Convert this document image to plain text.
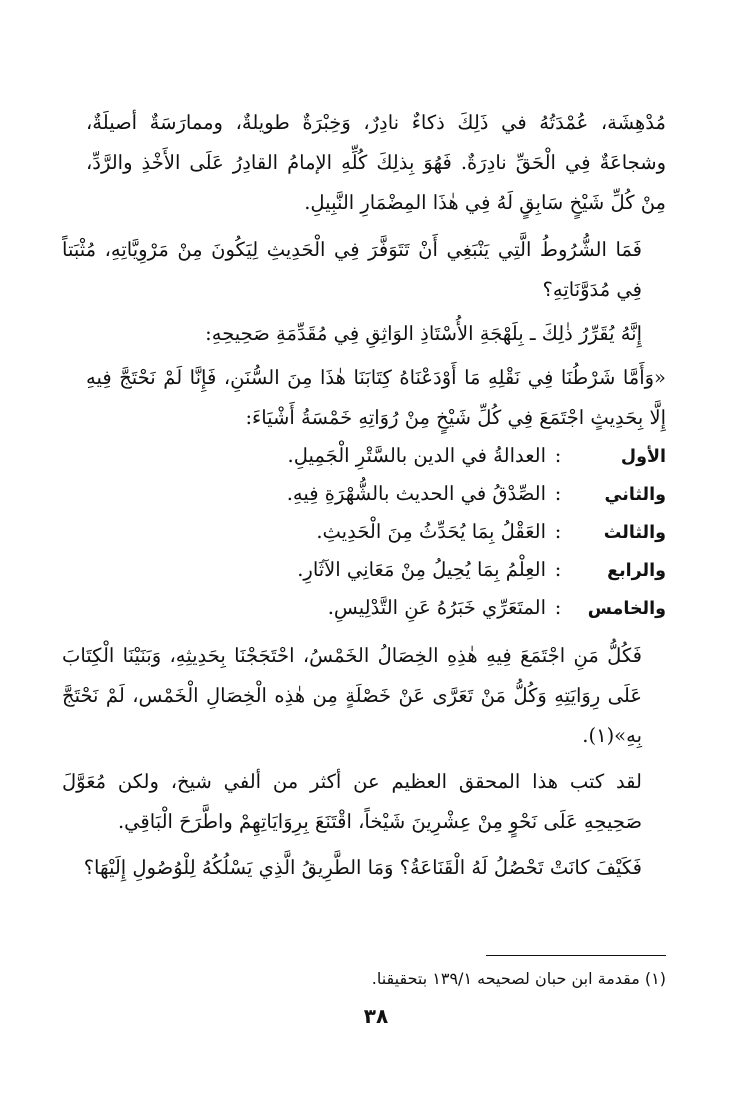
مُدْهِشَة، عُمْدَتُهُ في ذَلِكَ ذكاءٌ نادِرٌ، وَخِبْرَةٌ طويلةٌ، وممارَسَةٌ أصيلَةٌ، وشجاعَةٌ فِي الْحَقِّ نادِرَةٌ. فَهُوَ بِذلِكَ كُلِّهِ الإمامُ القادِرُ عَلَى الأَخْذِ والرَّدِّ، مِنْ كُلِّ شَيْخٍ سَابِقٍ لَهُ فِي هٰذَا المِضْمَارِ النَّبِيلِ.

فَمَا الشُّرُوطُ الَّتِي يَنْبَغِي أَنْ تَتَوَفَّرَ فِي الْحَدِيثِ لِيَكُونَ مِنْ مَرْوِيَّاتِهِ، مُثْبَتاً فِي مُدَوَّنَاتِهِ؟

إِنَّهُ يُقَرِّرُ ذٰلِكَ ـ بِلَهْجَةِ الأُسْتَاذِ الوَاثِقِ فِي مُقَدِّمَةِ صَحِيحِهِ:

«وَأَمَّا شَرْطُنَا فِي نَقْلِهِ مَا أَوْدَعْنَاهُ كِتَابَنَا هٰذَا مِنَ السُّنَنِ، فَإِنَّا لَمْ نَحْتَجَّ فِيهِ إِلَّا بِحَدِيثٍ اجْتَمَعَ فِي كُلِّ شَيْخٍ مِنْ رُوَاتِهِ خَمْسَةُ أَشْيَاءَ:

الأول
:
العدالةُ في الدين بالسَّتْرِ الْجَمِيلِ.
والثاني
:
الصِّدْقُ في الحديث بالشُّهْرَةِ فِيهِ.
والثالث
:
العَقْلُ بِمَا يُحَدِّثُ مِنَ الْحَدِيثِ.
والرابع
:
العِلْمُ بِمَا يُحِيلُ مِنْ مَعَانِي الآثَارِ.
والخامس
:
المتَعَرِّي خَبَرُهُ عَنِ التَّدْلِيسِ.

فَكُلُّ مَنِ اجْتَمَعَ فِيهِ هٰذِهِ الخِصَالُ الخَمْسُ، احْتَجَجْنَا بِحَدِيثِهِ، وَبَنَيْنَا الْكِتَابَ عَلَى رِوَايَتِهِ وَكُلُّ مَنْ تَعَرَّى عَنْ خَصْلَةٍ مِن هٰذِه الْخِصَالِ الْخَمْس، لَمْ نَحْتَجَّ بِهِ»(١).

لقد كتب هذا المحقق العظيم عن أكثر من ألفي شيخ، ولكن مُعَوَّلَ صَحِيحِهِ عَلَى نَحْوٍ مِنْ عِشْرِينَ شَيْخاً، اقْتَنَعَ بِرِوَايَاتِهِمْ واطَّرَحَ الْبَاقِي.

فَكَيْفَ كانَتْ تَحْصُلُ لَهُ الْقَنَاعَةُ؟ وَمَا الطَّرِيقُ الَّذِي يَسْلُكُهُ لِلْوُصُولِ إِلَيْهَا؟

(١) مقدمة ابن حبان لصحيحه ١٣٩/١ بتحقيقنا.
٣٨
